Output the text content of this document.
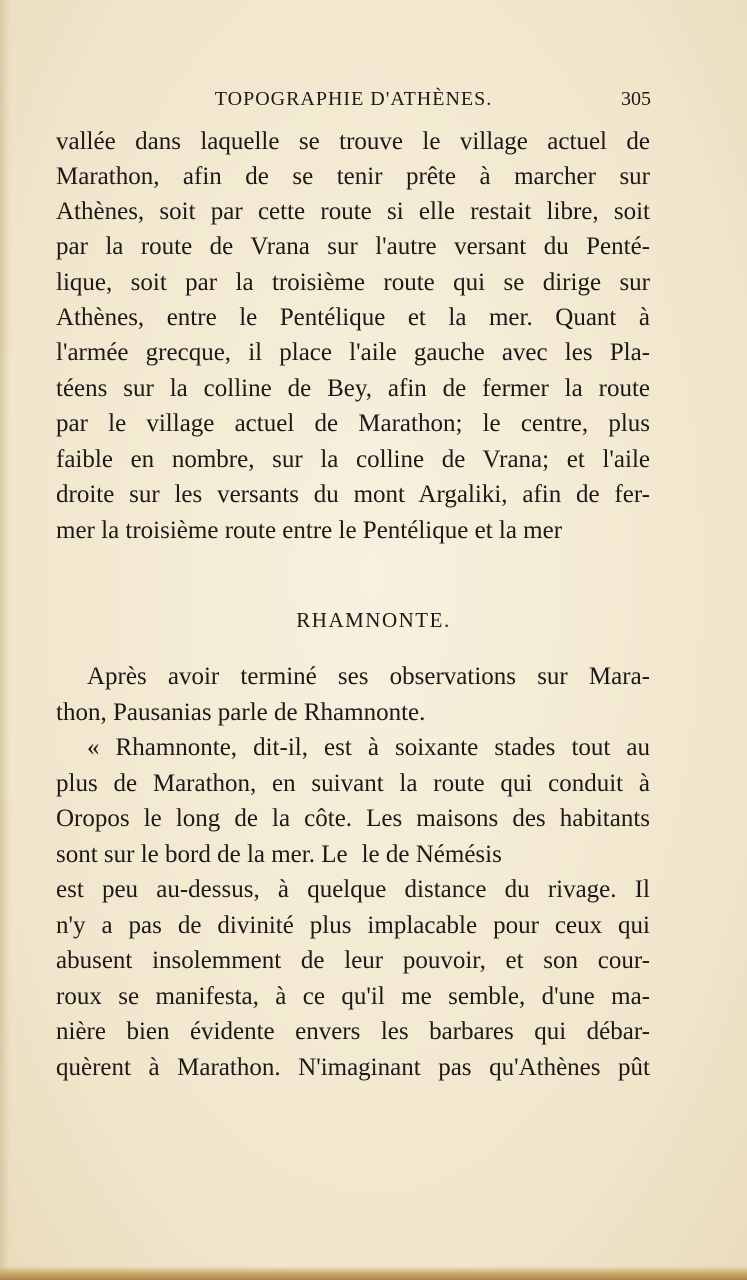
TOPOGRAPHIE D'ATHÈNES.	305
vallée dans laquelle se trouve le village actuel de
Marathon, afin de se tenir prête à marcher sur
Athènes, soit par cette route si elle restait libre, soit
par la route de Vrana sur l'autre versant du Penté-
lique, soit par la troisième route qui se dirige sur
Athènes, entre le Pentélique et la mer. Quant à
l'armée grecque, il place l'aile gauche avec les Pla-
téens sur la colline de Bey, afin de fermer la route
par le village actuel de Marathon; le centre, plus
faible en nombre, sur la colline de Vrana; et l'aile
droite sur les versants du mont Argaliki, afin de fer-
mer la troisième route entre le Pentélique et la mer
RHAMNONTE.
Après avoir terminé ses observations sur Mara-
thon, Pausanias parle de Rhamnonte.
« Rhamnonte, dit-il, est à soixante stades tout au
plus de Marathon, en suivant la route qui conduit à
Oropos le long de la côte. Les maisons des habitants
sont sur le bord de la mer. Le le de Némésis
est peu au-dessus, à quelque distance du rivage. Il
n'y a pas de divinité plus implacable pour ceux qui
abusent insolemment de leur pouvoir, et son cour-
roux se manifesta, à ce qu'il me semble, d'une ma-
nière bien évidente envers les barbares qui débar-
quèrent à Marathon. N'imaginant pas qu'Athènes pût
